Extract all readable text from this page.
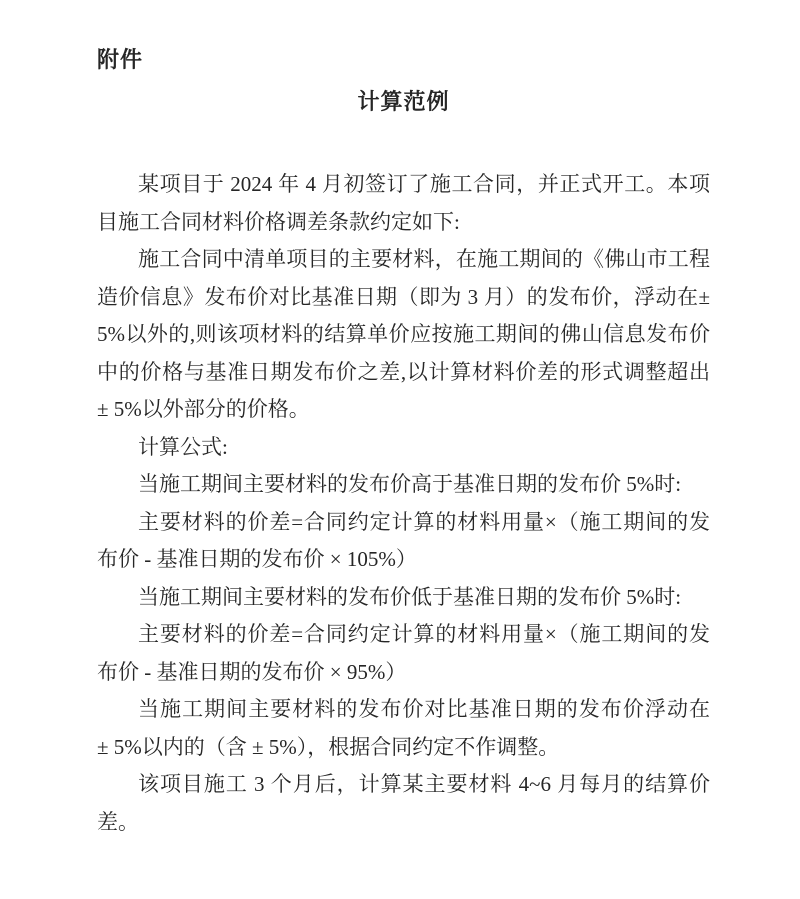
附件
计算范例
某项目于 2024 年 4 月初签订了施工合同，并正式开工。本项
目施工合同材料价格调差条款约定如下:
施工合同中清单项目的主要材料，在施工期间的《佛山市工程
造价信息》发布价对比基准日期（即为 3 月）的发布价，浮动在±
5%以外的,则该项材料的结算单价应按施工期间的佛山信息发布价
中的价格与基准日期发布价之差,以计算材料价差的形式调整超出
± 5%以外部分的价格。
计算公式:
当施工期间主要材料的发布价高于基准日期的发布价 5%时:
主要材料的价差=合同约定计算的材料用量×（施工期间的发
布价 - 基准日期的发布价 × 105%）
当施工期间主要材料的发布价低于基准日期的发布价 5%时:
主要材料的价差=合同约定计算的材料用量×（施工期间的发
布价 - 基准日期的发布价 × 95%）
当施工期间主要材料的发布价对比基准日期的发布价浮动在
± 5%以内的（含 ± 5%），根据合同约定不作调整。
该项目施工 3 个月后，计算某主要材料 4~6 月每月的结算价
差。
